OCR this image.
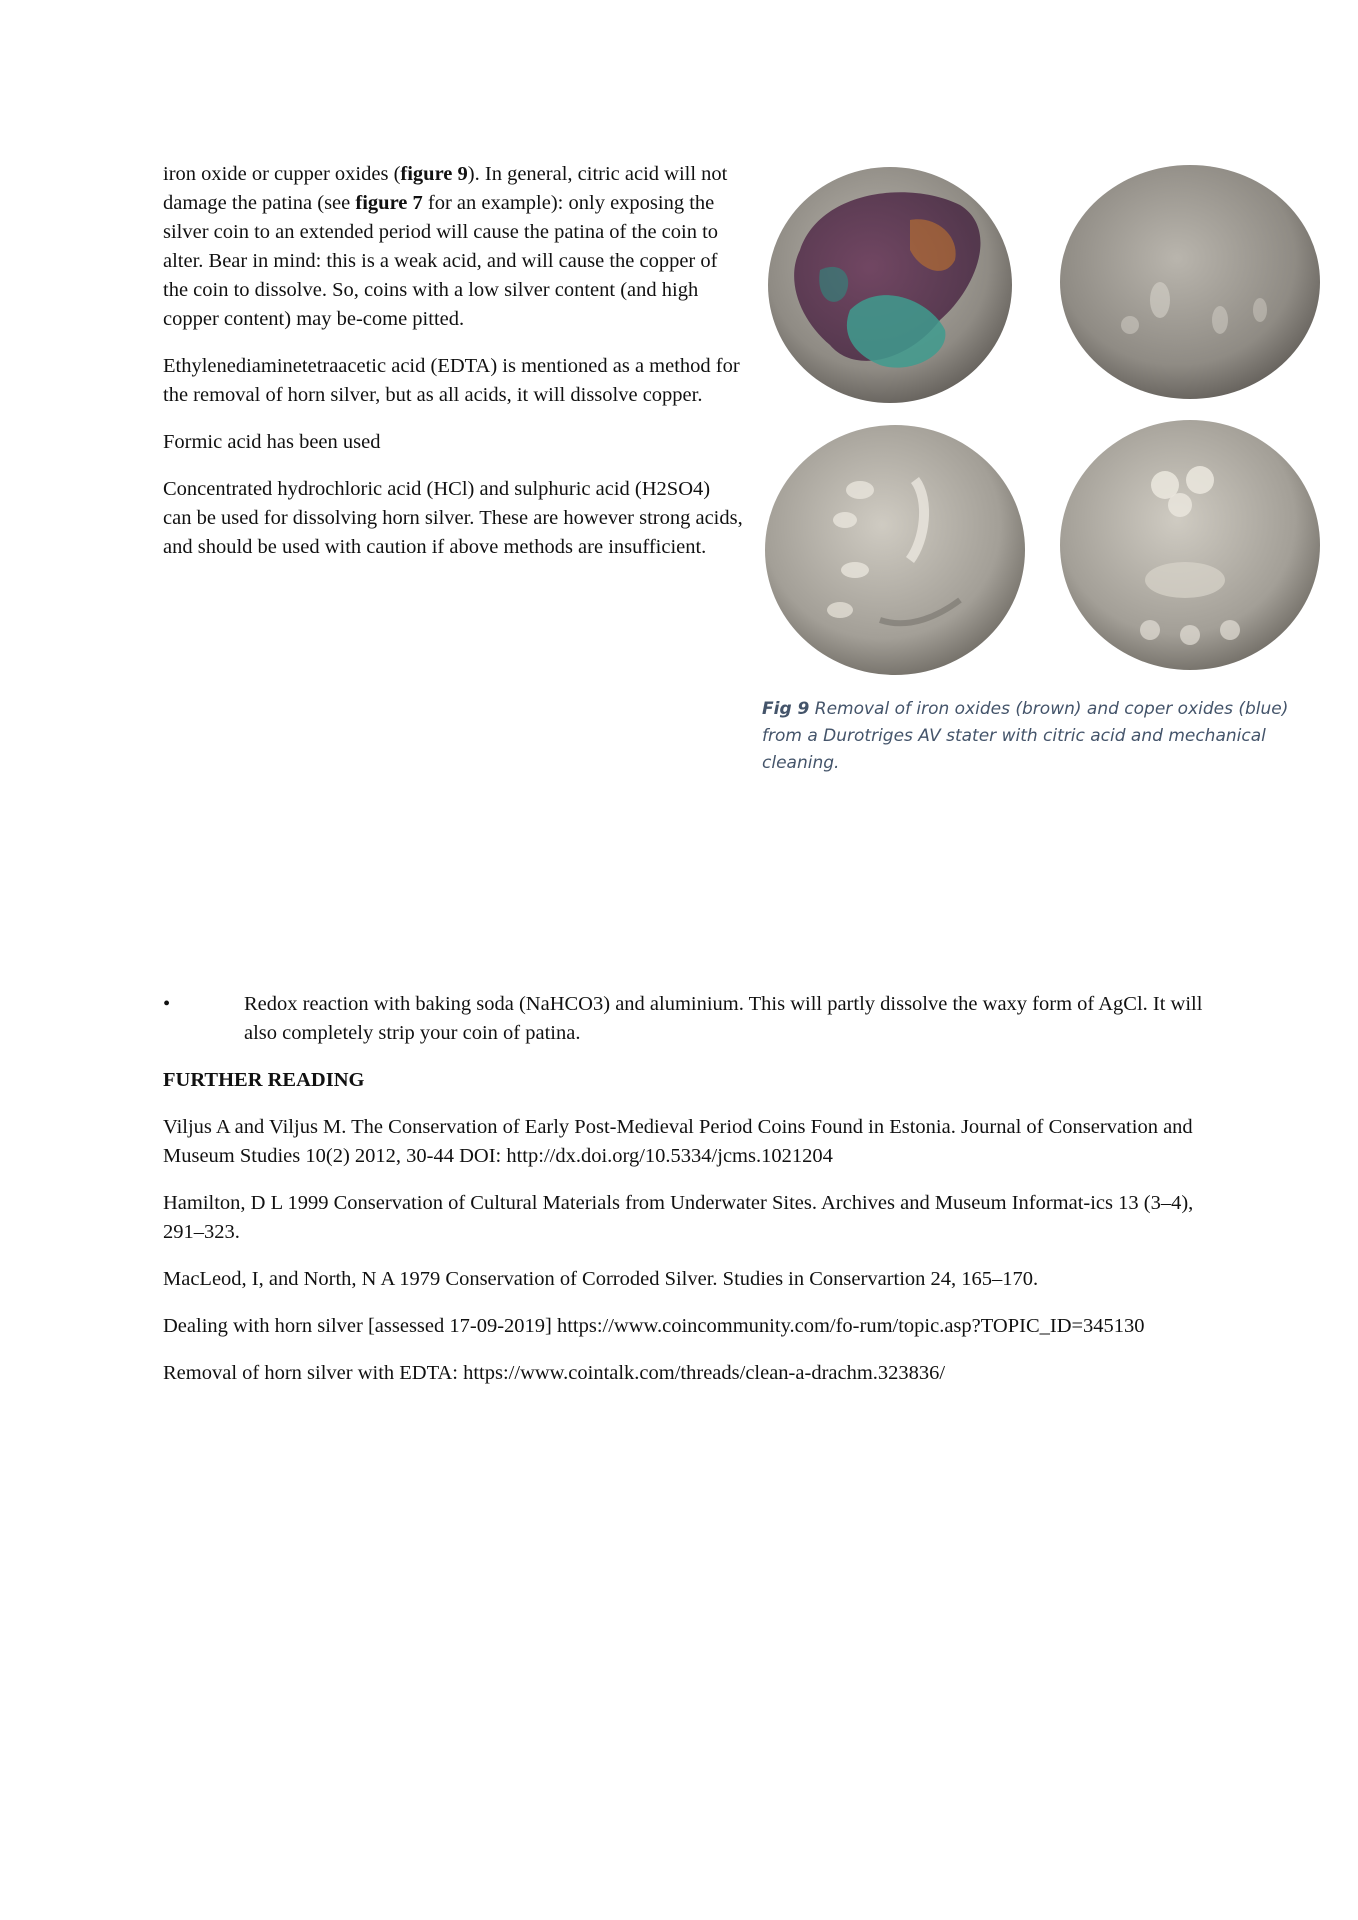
iron oxide or cupper oxides (figure 9). In general, citric acid will not damage the patina (see figure 7 for an example): only exposing the silver coin to an extended period will cause the patina of the coin to alter. Bear in mind: this is a weak acid, and will cause the copper of the coin to dissolve. So, coins with a low silver content (and high copper content) may be-come pitted.

Ethylenediaminetetraacetic acid (EDTA) is mentioned as a method for the removal of horn silver, but as all acids, it will dissolve copper.

Formic acid has been used

Concentrated hydrochloric acid (HCl) and sulphuric acid (H2SO4) can be used for dissolving horn silver. These are however strong acids, and should be used with caution if above methods are insufficient.

Fig 9 Removal of iron oxides (brown) and coper oxides (blue) from a Durotriges AV stater with citric acid and mechanical cleaning.
•	Redox reaction with baking soda (NaHCO3) and aluminium. This will partly dissolve the waxy form of AgCl. It will also completely strip your coin of patina.
FURTHER READING

Viljus A and Viljus M. The Conservation of Early Post-Medieval Period Coins Found in Estonia. Journal of Conservation and Museum Studies 10(2) 2012, 30-44 DOI: http://dx.doi.org/10.5334/jcms.1021204

Hamilton, D L 1999 Conservation of Cultural Materials from Underwater Sites. Archives and Museum Informat-ics 13 (3–4), 291–323.

MacLeod, I, and North, N A 1979 Conservation of Corroded Silver. Studies in Conservartion 24, 165–170.

Dealing with horn silver [assessed 17-09-2019] https://www.coincommunity.com/fo-rum/topic.asp?TOPIC_ID=345130

Removal of horn silver with EDTA: https://www.cointalk.com/threads/clean-a-drachm.323836/
